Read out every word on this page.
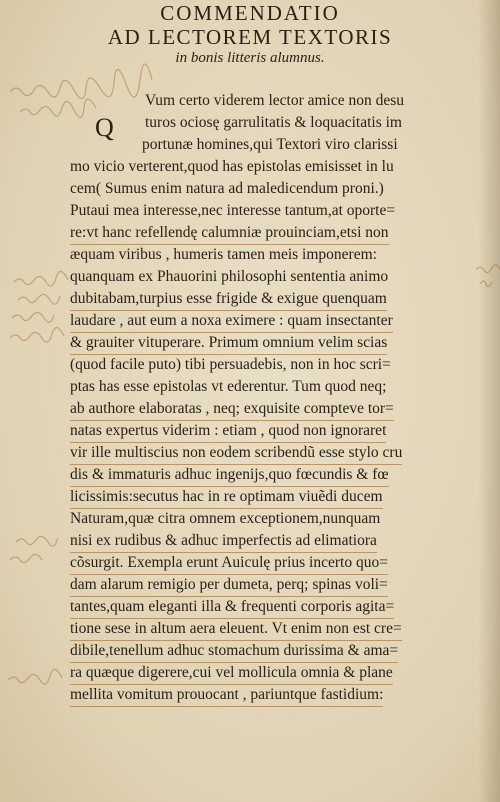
COMMENDATIO
AD LECTOREM TEXTORIS
in bonis litteris alumnus.
Q
Vum certo viderem lector amice non desu
turos ociosę garrulitatis & loquacitatis im
portunæ homines,qui Textori viro clarissi
mo vicio verterent,quod has epistolas emisisset in lu
cem( Sumus enim natura ad maledicendum proni.)
Putaui mea interesse,nec interesse tantum,at oporte=
re:vt hanc refellendę calumniæ prouinciam,etsi non
æquam viribus , humeris tamen meis imponerem:
quanquam ex Phauorini philosophi sententia animo
dubitabam,turpius esse frigide & exigue quenquam
laudare , aut eum a noxa eximere : quam insectanter
& grauiter vituperare. Primum omnium velim scias
(quod facile puto) tibi persuadebis, non in hoc scri=
ptas has esse epistolas vt ederentur. Tum quod neq;
ab authore elaboratas , neq; exquisite compteve tor=
natas expertus viderim : etiam , quod non ignoraret
vir ille multiscius non eodem scribendũ esse stylo cru
dis & immaturis adhuc ingenijs,quo fœcundis & fœ
licissimis:secutus hac in re optimam viuẽdi ducem
Naturam,quæ citra omnem exceptionem,nunquam
nisi ex rudibus & adhuc imperfectis ad elimatiora
cõsurgit. Exempla erunt Auiculę prius incerto quo=
dam alarum remigio per dumeta, perq; spinas voli=
tantes,quam eleganti illa & frequenti corporis agita=
tione sese in altum aera eleuent. Vt enim non est cre=
dibile,tenellum adhuc stomachum durissima & ama=
ra quæque digerere,cui vel mollicula omnia & plane
mellita vomitum prouocant , pariuntque fastidium:
